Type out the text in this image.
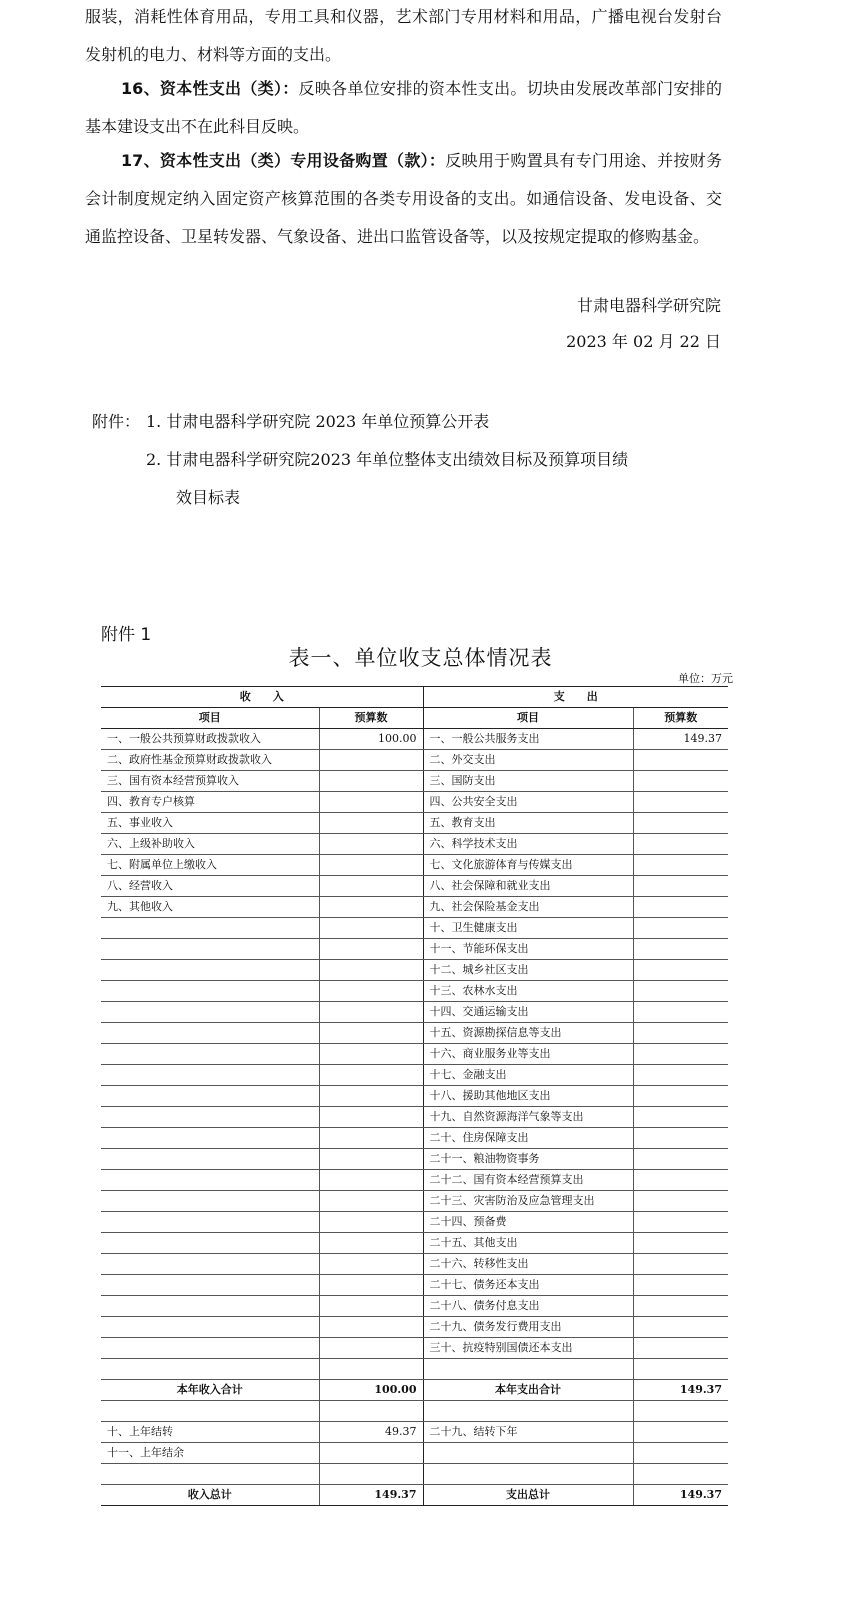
服装，消耗性体育用品，专用工具和仪器，艺术部门专用材料和用品，广播电视台发射台发射机的电力、材料等方面的支出。

16、资本性支出（类）：反映各单位安排的资本性支出。切块由发展改革部门安排的基本建设支出不在此科目反映。

17、资本性支出（类）专用设备购置（款）：反映用于购置具有专门用途、并按财务会计制度规定纳入固定资产核算范围的各类专用设备的支出。如通信设备、发电设备、交通监控设备、卫星转发器、气象设备、进出口监管设备等，以及按规定提取的修购基金。

甘肃电器科学研究院
2023 年 02 月 22 日
附件： 1. 甘肃电器科学研究院 2023 年单位预算公开表
2. 甘肃电器科学研究院2023 年单位整体支出绩效目标及预算项目绩
效目标表
附件 1
表一、单位收支总体情况表
单位：万元
收　　入		支　　出	
项目	预算数	项目	预算数
一、一般公共预算财政拨款收入	100.00	一、一般公共服务支出	149.37
二、政府性基金预算财政拨款收入		二、外交支出	
三、国有资本经营预算收入		三、国防支出	
四、教育专户核算		四、公共安全支出	
五、事业收入		五、教育支出	
六、上级补助收入		六、科学技术支出	
七、附属单位上缴收入		七、文化旅游体育与传媒支出	
八、经营收入		八、社会保障和就业支出	
九、其他收入		九、社会保险基金支出	
		十、卫生健康支出	
		十一、节能环保支出	
		十二、城乡社区支出	
		十三、农林水支出	
		十四、交通运输支出	
		十五、资源勘探信息等支出	
		十六、商业服务业等支出	
		十七、金融支出	
		十八、援助其他地区支出	
		十九、自然资源海洋气象等支出	
		二十、住房保障支出	
		二十一、粮油物资事务	
		二十二、国有资本经营预算支出	
		二十三、灾害防治及应急管理支出	
		二十四、预备费	
		二十五、其他支出	
		二十六、转移性支出	
		二十七、债务还本支出	
		二十八、债务付息支出	
		二十九、债务发行费用支出	
		三十、抗疫特别国债还本支出	

本年收入合计	100.00	本年支出合计	149.37

十、上年结转	49.37	二十九、结转下年	
十一、上年结余			

收入总计	149.37	支出总计	149.37
